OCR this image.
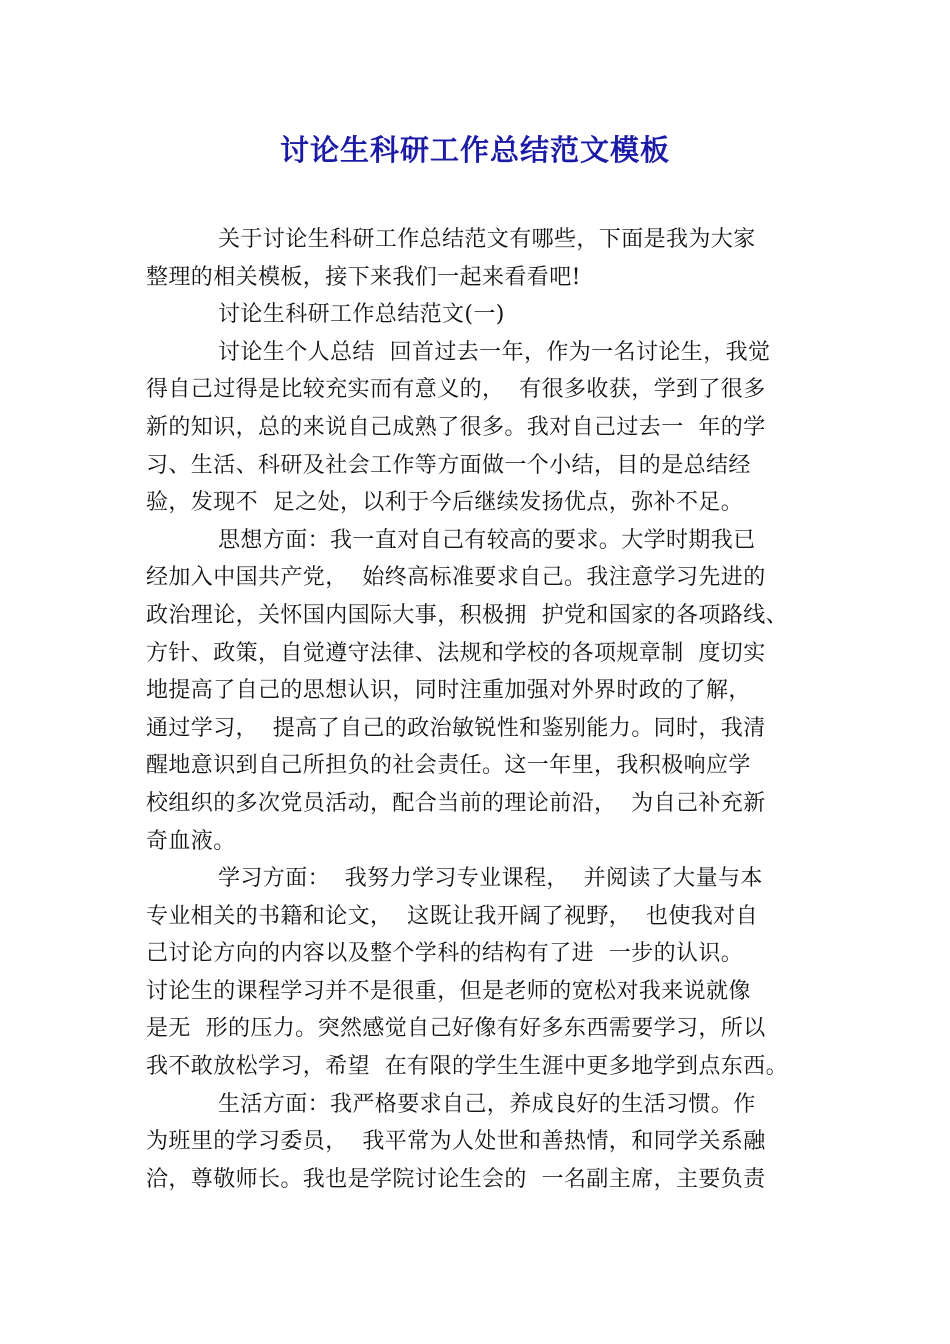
讨论生科研工作总结范文模板
关于讨论生科研工作总结范文有哪些，下面是我为大家
整理的相关模板，接下来我们一起来看看吧!
讨论生科研工作总结范文(一)
讨论生个人总结  回首过去一年，作为一名讨论生，我觉
得自己过得是比较充实而有意义的，  有很多收获，学到了很多
新的知识，总的来说自己成熟了很多。我对自己过去一  年的学
习、生活、科研及社会工作等方面做一个小结，目的是总结经
验，发现不  足之处，以利于今后继续发扬优点，弥补不足。
思想方面：我一直对自己有较高的要求。大学时期我已
经加入中国共产党，  始终高标准要求自己。我注意学习先进的
政治理论，关怀国内国际大事，积极拥  护党和国家的各项路线、
方针、政策，自觉遵守法律、法规和学校的各项规章制  度切实
地提高了自己的思想认识，同时注重加强对外界时政的了解，
通过学习，  提高了自己的政治敏锐性和鉴别能力。同时，我清
醒地意识到自己所担负的社会责任。这一年里，我积极响应学
校组织的多次党员活动，配合当前的理论前沿，  为自己补充新
奇血液。
学习方面：  我努力学习专业课程，  并阅读了大量与本
专业相关的书籍和论文，  这既让我开阔了视野，  也使我对自
己讨论方向的内容以及整个学科的结构有了进  一步的认识。
讨论生的课程学习并不是很重，但是老师的宽松对我来说就像
是无  形的压力。突然感觉自己好像有好多东西需要学习，所以
我不敢放松学习，希望  在有限的学生生涯中更多地学到点东西。
生活方面：我严格要求自己，养成良好的生活习惯。作
为班里的学习委员，  我平常为人处世和善热情，和同学关系融
洽，尊敬师长。我也是学院讨论生会的  一名副主席，主要负责
